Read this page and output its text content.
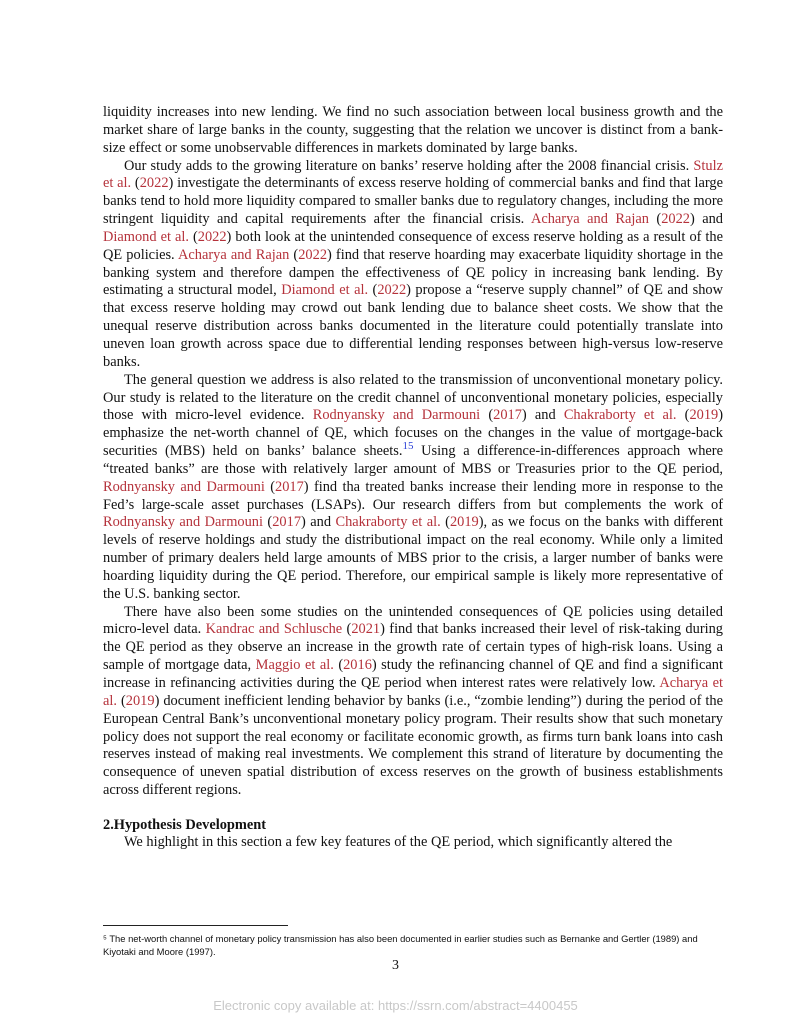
liquidity increases into new lending. We find no such association between local business growth and the market share of large banks in the county, suggesting that the relation we uncover is distinct from a bank-size effect or some unobservable differences in markets dominated by large banks.

Our study adds to the growing literature on banks’ reserve holding after the 2008 financial crisis. Stulz et al. (2022) investigate the determinants of excess reserve holding of commercial banks and find that large banks tend to hold more liquidity compared to smaller banks due to regulatory changes, including the more stringent liquidity and capital requirements after the financial crisis. Acharya and Rajan (2022) and Diamond et al. (2022) both look at the unintended consequence of excess reserve holding as a result of the QE policies. Acharya and Rajan (2022) find that reserve hoarding may exacerbate liquidity shortage in the banking system and therefore dampen the effectiveness of QE policy in increasing bank lending. By estimating a structural model, Diamond et al. (2022) propose a “reserve supply channel” of QE and show that excess reserve holding may crowd out bank lending due to balance sheet costs. We show that the unequal reserve distribution across banks documented in the literature could potentially translate into uneven loan growth across space due to differential lending responses between high-versus low-reserve banks.

The general question we address is also related to the transmission of unconventional monetary policy. Our study is related to the literature on the credit channel of unconventional monetary policies, especially those with micro-level evidence. Rodnyansky and Darmouni (2017) and Chakraborty et al. (2019) emphasize the net-worth channel of QE, which focuses on the changes in the value of mortgage-back securities (MBS) held on banks’ balance sheets.$^{15}$ Using a difference-in-differences approach where “treated banks” are those with relatively larger amount of MBS or Treasuries prior to the QE period, Rodnyansky and Darmouni (2017) find tha treated banks increase their lending more in response to the Fed’s large-scale asset purchases (LSAPs). Our research differs from but complements the work of Rodnyansky and Darmouni (2017) and Chakraborty et al. (2019), as we focus on the banks with different levels of reserve holdings and study the distributional impact on the real economy. While only a limited number of primary dealers held large amounts of MBS prior to the crisis, a larger number of banks were hoarding liquidity during the QE period. Therefore, our empirical sample is likely more representative of the U.S. banking sector.

There have also been some studies on the unintended consequences of QE policies using detailed micro-level data. Kandrac and Schlusche (2021) find that banks increased their level of risk-taking during the QE period as they observe an increase in the growth rate of certain types of high-risk loans. Using a sample of mortgage data, Maggio et al. (2016) study the refinancing channel of QE and find a significant increase in refinancing activities during the QE period when interest rates were relatively low. Acharya et al. (2019) document inefficient lending behavior by banks (i.e., “zombie lending”) during the period of the European Central Bank’s unconventional monetary policy program. Their results show that such monetary policy does not support the real economy or facilitate economic growth, as firms turn bank loans into cash reserves instead of making real investments. We complement this strand of literature by documenting the consequence of uneven spatial distribution of excess reserves on the growth of business establishments across different regions.

2.Hypothesis Development

We highlight in this section a few key features of the QE period, which significantly altered the

⁵ The net-worth channel of monetary policy transmission has also been documented in earlier studies such as Bernanke and Gertler (1989) and Kiyotaki and Moore (1997).
3
Electronic copy available at: https://ssrn.com/abstract=4400455
